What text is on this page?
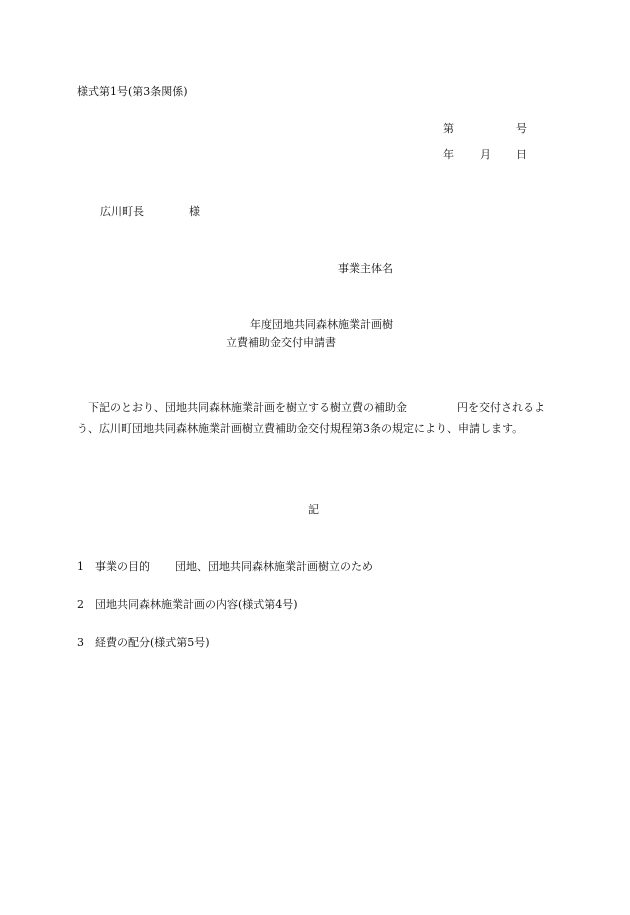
様式第1号(第3条関係)
第	号
年 月 日
広川町長	様
事業主体名
年度団地共同森林施業計画樹
立費補助金交付申請書
　下記のとおり、団地共同森林施業計画を樹立する樹立費の補助金	円を交付されるよう、広川町団地共同森林施業計画樹立費補助金交付規程第3条の規定により、申請します。
記
1 事業の目的 団地、団地共同森林施業計画樹立のため
2 団地共同森林施業計画の内容(様式第4号)
3 経費の配分(様式第5号)
